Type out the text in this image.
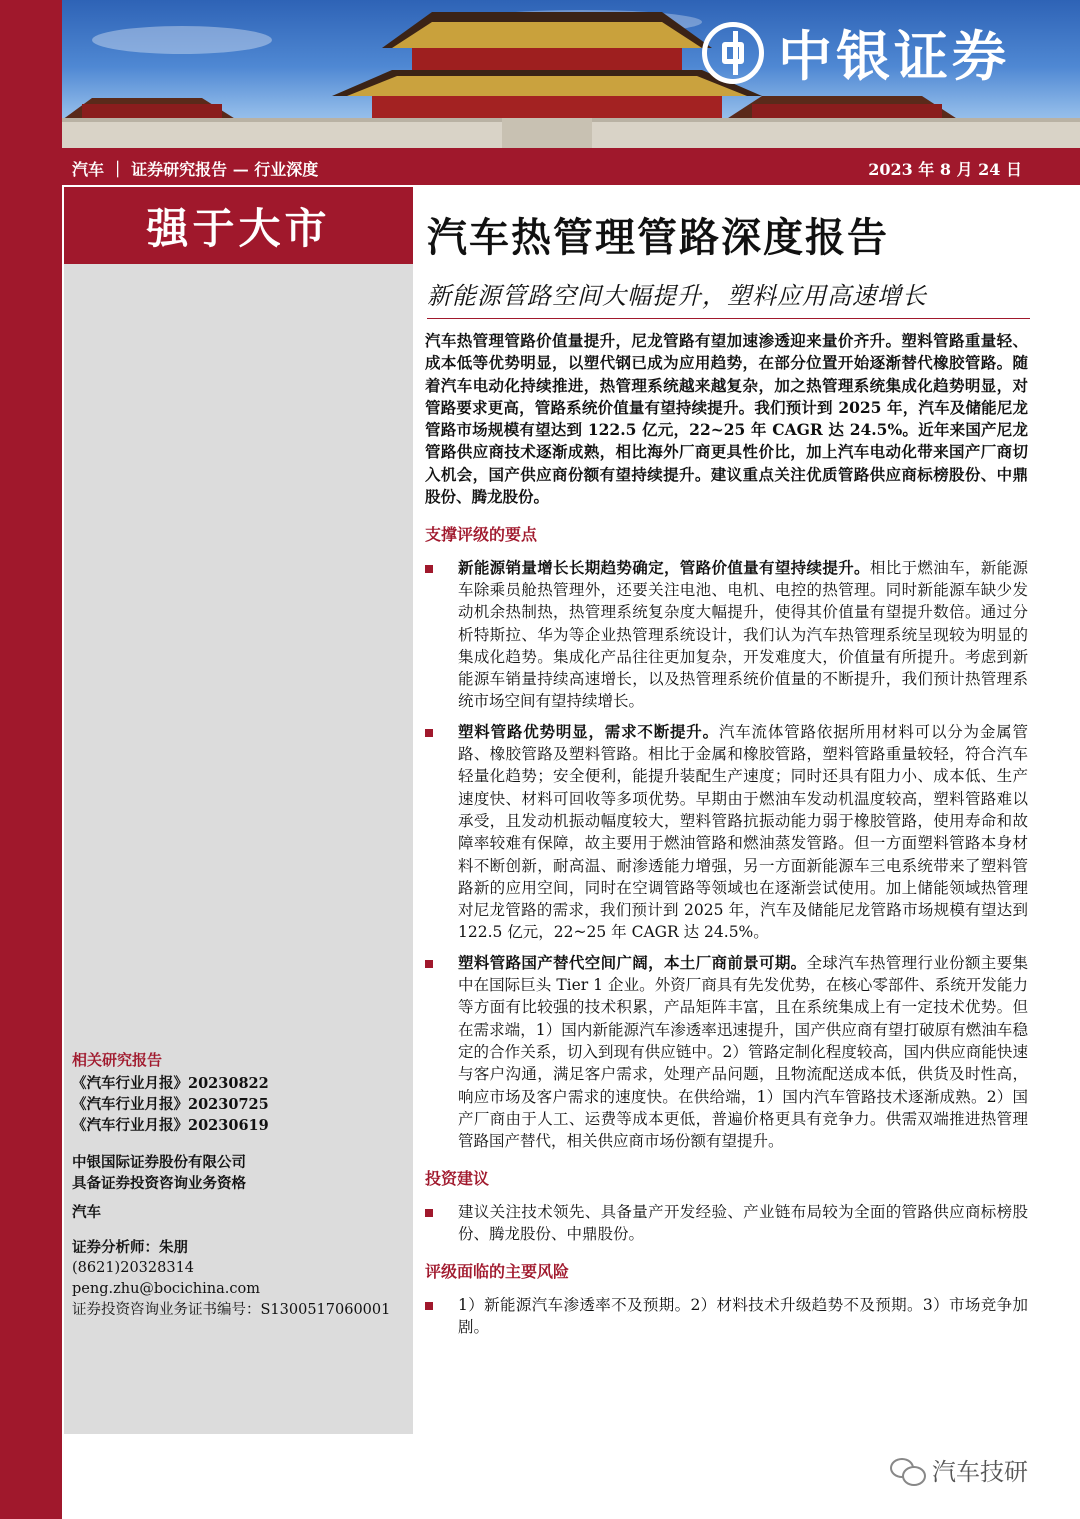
中银证券
汽车 ｜ 证券研究报告 — 行业深度	2023 年 8 月 24 日
强于大市	汽车热管理管路深度报告
新能源管路空间大幅提升，塑料应用高速增长

汽车热管理管路价值量提升，尼龙管路有望加速渗透迎来量价齐升。塑料管路重量轻、成本低等优势明显，以塑代钢已成为应用趋势，在部分位置开始逐渐替代橡胶管路。随着汽车电动化持续推进，热管理系统越来越复杂，加之热管理系统集成化趋势明显，对管路要求更高，管路系统价值量有望持续提升。我们预计到 2025 年，汽车及储能尼龙管路市场规模有望达到 122.5 亿元，22~25 年 CAGR 达 24.5%。近年来国产尼龙管路供应商技术逐渐成熟，相比海外厂商更具性价比，加上汽车电动化带来国产厂商切入机会，国产供应商份额有望持续提升。建议重点关注优质管路供应商标榜股份、中鼎股份、腾龙股份。

支撑评级的要点

新能源销量增长长期趋势确定，管路价值量有望持续提升。相比于燃油车，新能源车除乘员舱热管理外，还要关注电池、电机、电控的热管理。同时新能源车缺少发动机余热制热，热管理系统复杂度大幅提升，使得其价值量有望提升数倍。通过分析特斯拉、华为等企业热管理系统设计，我们认为汽车热管理系统呈现较为明显的集成化趋势。集成化产品往往更加复杂，开发难度大，价值量有所提升。考虑到新能源车销量持续高速增长，以及热管理系统价值量的不断提升，我们预计热管理系统市场空间有望持续增长。

塑料管路优势明显，需求不断提升。汽车流体管路依据所用材料可以分为金属管路、橡胶管路及塑料管路。相比于金属和橡胶管路，塑料管路重量较轻，符合汽车轻量化趋势；安全便利，能提升装配生产速度；同时还具有阻力小、成本低、生产速度快、材料可回收等多项优势。早期由于燃油车发动机温度较高，塑料管路难以承受，且发动机振动幅度较大，塑料管路抗振动能力弱于橡胶管路，使用寿命和故障率较难有保障，故主要用于燃油管路和燃油蒸发管路。但一方面塑料管路本身材料不断创新，耐高温、耐渗透能力增强，另一方面新能源车三电系统带来了塑料管路新的应用空间，同时在空调管路等领域也在逐渐尝试使用。加上储能领域热管理对尼龙管路的需求，我们预计到 2025 年，汽车及储能尼龙管路市场规模有望达到 122.5 亿元，22~25 年 CAGR 达 24.5%。

塑料管路国产替代空间广阔，本土厂商前景可期。全球汽车热管理行业份额主要集中在国际巨头 Tier 1 企业。外资厂商具有先发优势，在核心零部件、系统开发能力等方面有比较强的技术积累，产品矩阵丰富，且在系统集成上有一定技术优势。但在需求端，1）国内新能源汽车渗透率迅速提升，国产供应商有望打破原有燃油车稳定的合作关系，切入到现有供应链中。2）管路定制化程度较高，国内供应商能快速与客户沟通，满足客户需求，处理产品问题，且物流配送成本低，供货及时性高，响应市场及客户需求的速度快。在供给端，1）国内汽车管路技术逐渐成熟。2）国产厂商由于人工、运费等成本更低，普遍价格更具有竞争力。供需双端推进热管理管路国产替代，相关供应商市场份额有望提升。

投资建议

建议关注技术领先、具备量产开发经验、产业链布局较为全面的管路供应商标榜股份、腾龙股份、中鼎股份。

评级面临的主要风险

1）新能源汽车渗透率不及预期。2）材料技术升级趋势不及预期。3）市场竞争加剧。

相关研究报告
《汽车行业月报》20230822
《汽车行业月报》20230725
《汽车行业月报》20230619
中银国际证券股份有限公司
具备证券投资咨询业务资格
汽车
证券分析师：朱朋
(8621)20328314
peng.zhu@bocichina.com
证券投资咨询业务证书编号：S1300517060001
汽车技研
